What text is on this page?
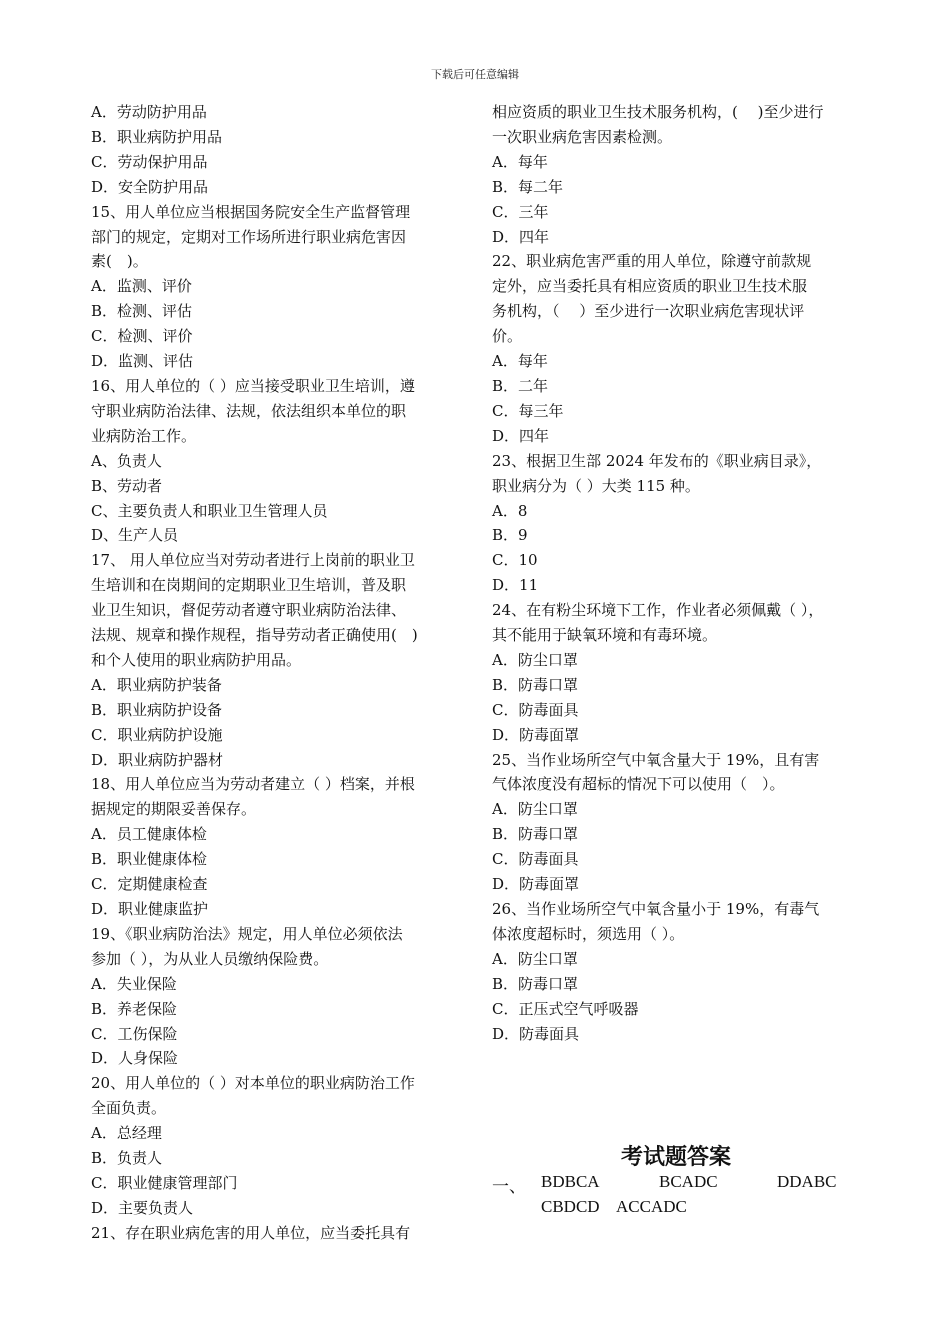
下载后可任意编辑
A．劳动防护用品
B．职业病防护用品
C．劳动保护用品
D．安全防护用品
15、用人单位应当根据国务院安全生产监督管理
部门的规定，定期对工作场所进行职业病危害因
素(　)。
A．监测、评价
B．检测、评估
C．检测、评价
D．监测、评估
16、用人单位的（ ）应当接受职业卫生培训，遵
守职业病防治法律、法规，依法组织本单位的职
业病防治工作。
A、负责人
B、劳动者
C、主要负责人和职业卫生管理人员
D、生产人员
17、 用人单位应当对劳动者进行上岗前的职业卫
生培训和在岗期间的定期职业卫生培训，普及职
业卫生知识，督促劳动者遵守职业病防治法律、
法规、规章和操作规程，指导劳动者正确使用(　)
和个人使用的职业病防护用品。
A．职业病防护装备
B．职业病防护设备
C．职业病防护设施
D．职业病防护器材
18、用人单位应当为劳动者建立（ ）档案，并根
据规定的期限妥善保存。
A．员工健康体检
B．职业健康体检
C．定期健康检查
D．职业健康监护
19、《职业病防治法》规定，用人单位必须依法
参加（ ），为从业人员缴纳保险费。
A．失业保险
B．养老保险
C．工伤保险
D．人身保险
20、用人单位的（ ）对本单位的职业病防治工作
全面负责。
A．总经理
B．负责人
C．职业健康管理部门
D．主要负责人
21、存在职业病危害的用人单位，应当委托具有
相应资质的职业卫生技术服务机构，(　 )至少进行
一次职业病危害因素检测。
A．每年
B．每二年
C．三年
D．四年
22、职业病危害严重的用人单位，除遵守前款规
定外，应当委托具有相应资质的职业卫生技术服
务机构，（　 ）至少进行一次职业病危害现状评
价。
A．每年
B．二年
C．每三年
D．四年
23、根据卫生部 2024 年发布的《职业病目录》，
职业病分为（ ）大类 115 种。
A．8
B．9
C．10
D．11
24、在有粉尘环境下工作，作业者必须佩戴（ ），
其不能用于缺氧环境和有毒环境。
A．防尘口罩
B．防毒口罩
C．防毒面具
D．防毒面罩
25、当作业场所空气中氧含量大于 19%，且有害
气体浓度没有超标的情况下可以使用（　）。
A．防尘口罩
B．防毒口罩
C．防毒面具
D．防毒面罩
26、当作业场所空气中氧含量小于 19%，有毒气
体浓度超标时，须选用（ ）。
A．防尘口罩
B．防毒口罩
C．正压式空气呼吸器
D．防毒面具
考试题答案
一、 BDBCA	BCADC	DDABC
CBDCD ACCADC
